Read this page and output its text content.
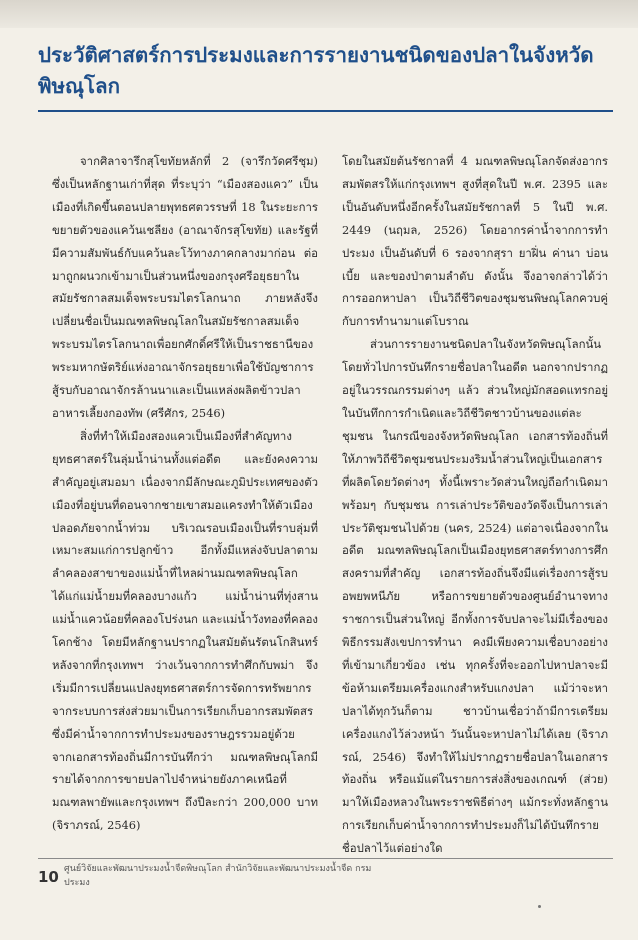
ประวัติศาสตร์การประมงและการรายงานชนิดของปลาในจังหวัดพิษณุโลก

จากศิลาจารึกสุโขทัยหลักที่ 2 (จารึกวัดศรีชุม) ซึ่งเป็นหลักฐานเก่าที่สุด ที่ระบุว่า “เมืองสองแคว” เป็นเมืองที่เกิดขึ้นตอนปลายพุทธศตวรรษที่ 18 ในระยะการขยายตัวของแคว้นเชลียง (อาณาจักรสุโขทัย) และรัฐที่มีความสัมพันธ์กับแคว้นละโว้ทางภาคกลางมาก่อน ต่อมาถูกผนวกเข้ามาเป็นส่วนหนึ่งของกรุงศรีอยุธยาในสมัยรัชกาลสมเด็จพระบรมไตรโลกนาถ ภายหลังจึงเปลี่ยนชื่อเป็นมณฑลพิษณุโลกในสมัยรัชกาลสมเด็จพระบรมไตรโลกนาถเพื่อยกศักดิ์ศรีให้เป็นราชธานีของพระมหากษัตริย์แห่งอาณาจักรอยุธยาเพื่อใช้บัญชาการสู้รบกับอาณาจักรล้านนาและเป็นแหล่งผลิตข้าวปลาอาหารเลี้ยงกองทัพ (ศรีศักร, 2546)

สิ่งที่ทำให้เมืองสองแควเป็นเมืองที่สำคัญทางยุทธศาสตร์ในลุ่มน้ำน่านทั้งแต่อดีต และยังคงความสำคัญอยู่เสมอมา เนื่องจากมีลักษณะภูมิประเทศของตัวเมืองที่อยู่บนที่ดอนจากชายเขาสมอแครงทำให้ตัวเมืองปลอดภัยจากน้ำท่วม บริเวณรอบเมืองเป็นที่ราบลุ่มที่เหมาะสมแก่การปลูกข้าว อีกทั้งมีแหล่งจับปลาตามลำคลองสาขาของแม่น้ำที่ไหลผ่านมณฑลพิษณุโลก ได้แก่แม่น้ำยมที่คลองบางแก้ว แม่น้ำน่านที่ทุ่งสาน แม่น้ำแควน้อยที่คลองโปร่งนก และแม่น้ำวังทองที่คลองโคกช้าง โดยมีหลักฐานปรากฏในสมัยต้นรัตนโกสินทร์ หลังจากที่กรุงเทพฯ ว่างเว้นจากการทำศึกกับพม่า จึงเริ่มมีการเปลี่ยนแปลงยุทธศาสตร์การจัดการทรัพยากรจากระบบการส่งส่วยมาเป็นการเรียกเก็บอากรสมพัตสร ซึ่งมีค่าน้ำจากการทำประมงของราษฎรรวมอยู่ด้วย จากเอกสารท้องถิ่นมีการบันทึกว่า มณฑลพิษณุโลกมีรายได้จากการขายปลาไปจำหน่ายยังภาคเหนือที่มณฑลพายัพและกรุงเทพฯ ถึงปีละกว่า 200,000 บาท (จิราภรณ์, 2546)

โดยในสมัยต้นรัชกาลที่ 4 มณฑลพิษณุโลกจัดส่งอากรสมพัตสรให้แก่กรุงเทพฯ สูงที่สุดในปี พ.ศ. 2395 และเป็นอันดับหนึ่งอีกครั้งในสมัยรัชกาลที่ 5 ในปี พ.ศ. 2449 (นฤมล, 2526) โดยอากรค่าน้ำจากการทำประมง เป็นอันดับที่ 6 รองจากสุรา ยาฝิ่น ค่านา บ่อนเบี้ย และของป่าตามลำดับ ดังนั้น จึงอาจกล่าวได้ว่า การออกหาปลา เป็นวิถีชีวิตของชุมชนพิษณุโลกควบคู่กับการทำนามาแต่โบราณ

ส่วนการรายงานชนิดปลาในจังหวัดพิษณุโลกนั้นโดยทั่วไปการบันทึกรายชื่อปลาในอดีต นอกจากปรากฏอยู่ในวรรณกรรมต่างๆ แล้ว ส่วนใหญ่มักสอดแทรกอยู่ในบันทึกการกำเนิดและวิถีชีวิตชาวบ้านของแต่ละชุมชน ในกรณีของจังหวัดพิษณุโลก เอกสารท้องถิ่นที่ให้ภาพวิถีชีวิตชุมชนประมงริมน้ำส่วนใหญ่เป็นเอกสารที่ผลิตโดยวัดต่างๆ ทั้งนี้เพราะวัดส่วนใหญ่ถือกำเนิดมาพร้อมๆ กับชุมชน การเล่าประวัติของวัดจึงเป็นการเล่าประวัติชุมชนไปด้วย (นคร, 2524) แต่อาจเนื่องจากในอดีต มณฑลพิษณุโลกเป็นเมืองยุทธศาสตร์ทางการศึกสงครามที่สำคัญ เอกสารท้องถิ่นจึงมีแต่เรื่องการสู้รบอพยพหนีภัย หรือการขยายตัวของศูนย์อำนาจทางราชการเป็นส่วนใหญ่ อีกทั้งการจับปลาจะไม่มีเรื่องของพิธีกรรมสังเขปการทำนา คงมีเพียงความเชื่อบางอย่างที่เข้ามาเกี่ยวข้อง เช่น ทุกครั้งที่จะออกไปหาปลาจะมีข้อห้ามเตรียมเครื่องแกงสำหรับแกงปลา แม้ว่าจะหาปลาได้ทุกวันก็ตาม ชาวบ้านเชื่อว่าถ้ามีการเตรียมเครื่องแกงไว้ล่วงหน้า วันนั้นจะหาปลาไม่ได้เลย (จิราภรณ์, 2546) จึงทำให้ไม่ปรากฏรายชื่อปลาในเอกสารท้องถิ่น หรือแม้แต่ในรายการส่งสิ่งของเกณฑ์ (ส่วย) มาให้เมืองหลวงในพระราชพิธีต่างๆ แม้กระทั่งหลักฐานการเรียกเก็บค่าน้ำจากการทำประมงก็ไม่ได้บันทึกรายชื่อปลาไว้แต่อย่างใด

10 ศูนย์วิจัยและพัฒนาประมงน้ำจืดพิษณุโลก สำนักวิจัยและพัฒนาประมงน้ำจืด กรมประมง
